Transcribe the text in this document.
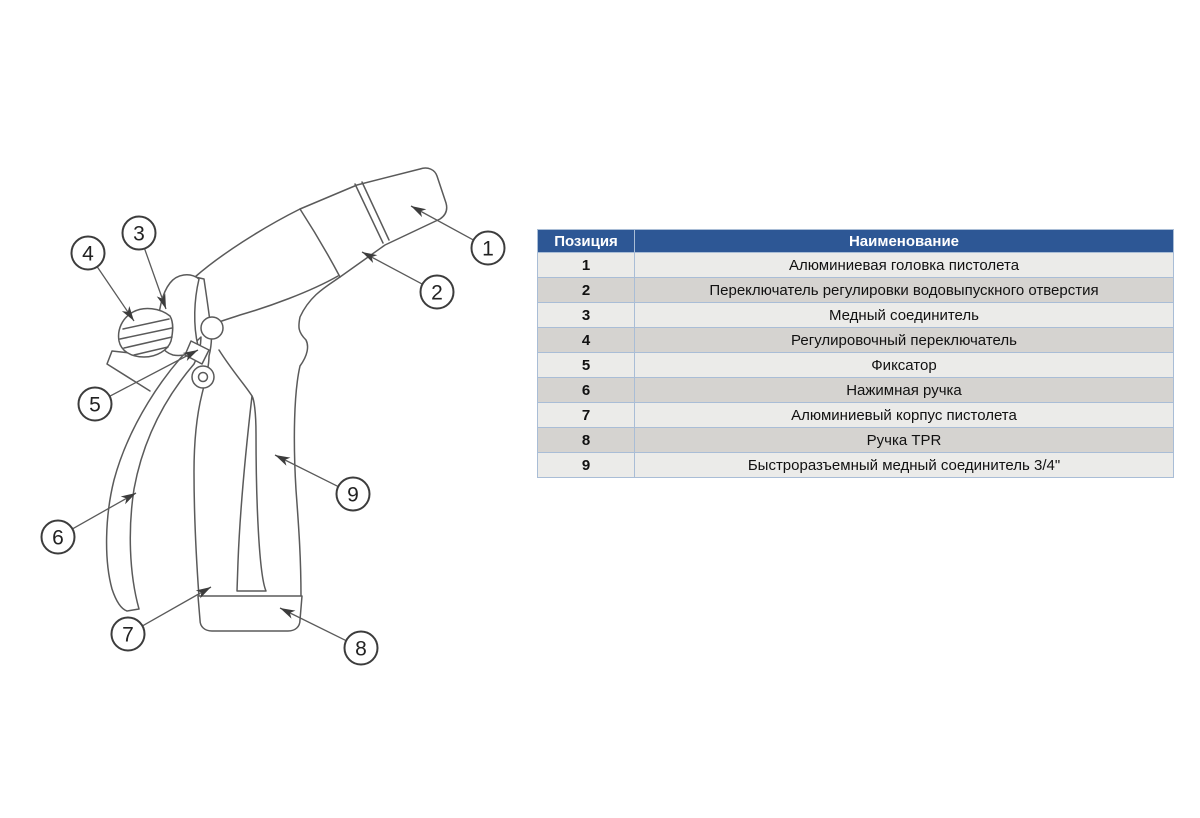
1
2
3
4
5
6
7
8
9
Позиция	Наименование
1	Алюминиевая головка пистолета
2	Переключатель регулировки водовыпускного отверстия
3	Медный соединитель
4	Регулировочный переключатель
5	Фиксатор
6	Нажимная ручка
7	Алюминиевый корпус пистолета
8	Ручка TPR
9	Быстроразъемный медный соединитель 3/4"
